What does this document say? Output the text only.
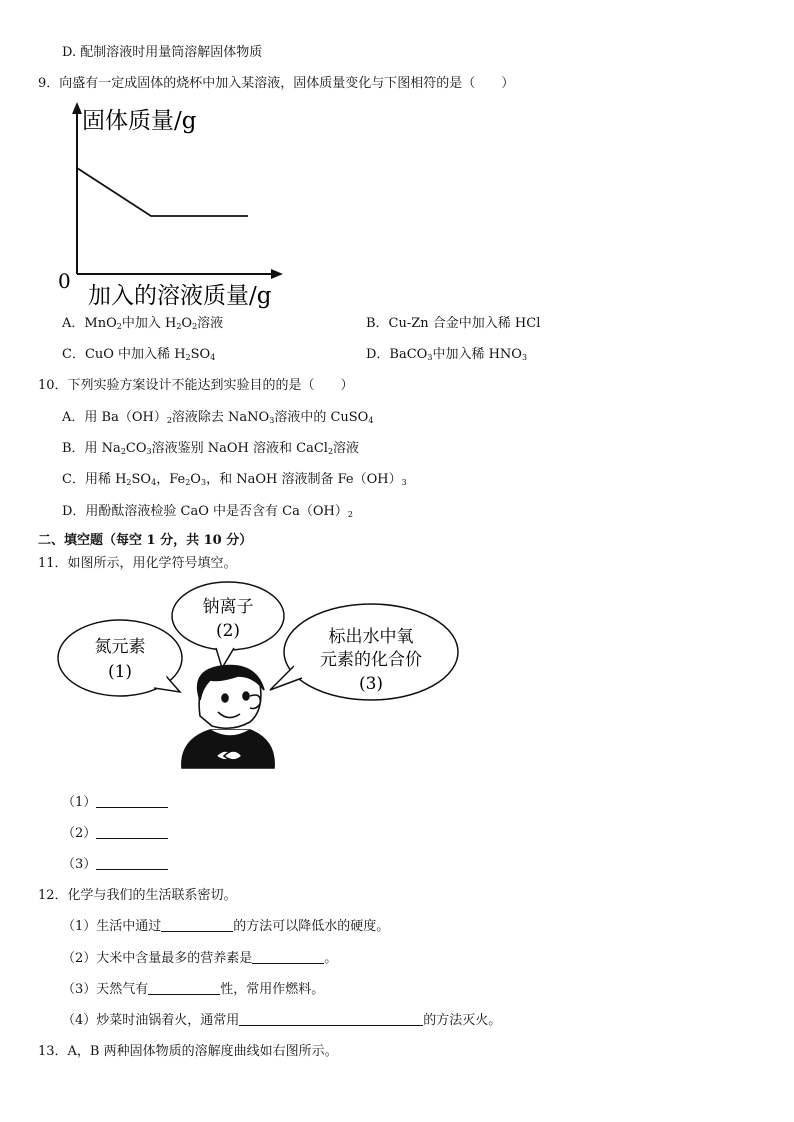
D. 配制溶液时用量筒溶解固体物质
9．向盛有一定成固体的烧杯中加入某溶液，固体质量变化与下图相符的是（　　）
固体质量/g
0
加入的溶液质量/g
A．MnO$_2$中加入 $H_2O_2$溶液	B．Cu-Zn 合金中加入稀 HCl
C．CuO 中加入稀 $H_2SO_4$	D．BaCO$_3$中加入稀 $HNO_3$
10．下列实验方案设计不能达到实验目的的是（　　）
A．用 $Ba(OH)_2$溶液除去 NaNO$_3$溶液中的 CuSO$_4$
B．用 $Na_2CO_3$溶液鉴别 NaOH 溶液和 CaCl$_2$溶液
C．用稀 $H_2SO_4$，$Fe_2O_3$，和 NaOH 溶液制备 $Fe(OH)_3$
D．用酚酞溶液检验 CaO 中是否含有 $Ca(OH)_2$
二、填空题（每空 1 分，共 10 分）
11．如图所示，用化学符号填空。
氮元素
(1)
钠离子
(2)	标出水中氧
元素的化合价
(3)
（1）
（2）
（3）
12．化学与我们的生活联系密切。
（1）生活中通过	的方法可以降低水的硬度。
（2）大米中含量最多的营养素是	。
（3）天然气有	性，常用作燃料。
（4）炒菜时油锅着火，通常用	的方法灭火。
13．A，B 两种固体物质的溶解度曲线如右图所示。
